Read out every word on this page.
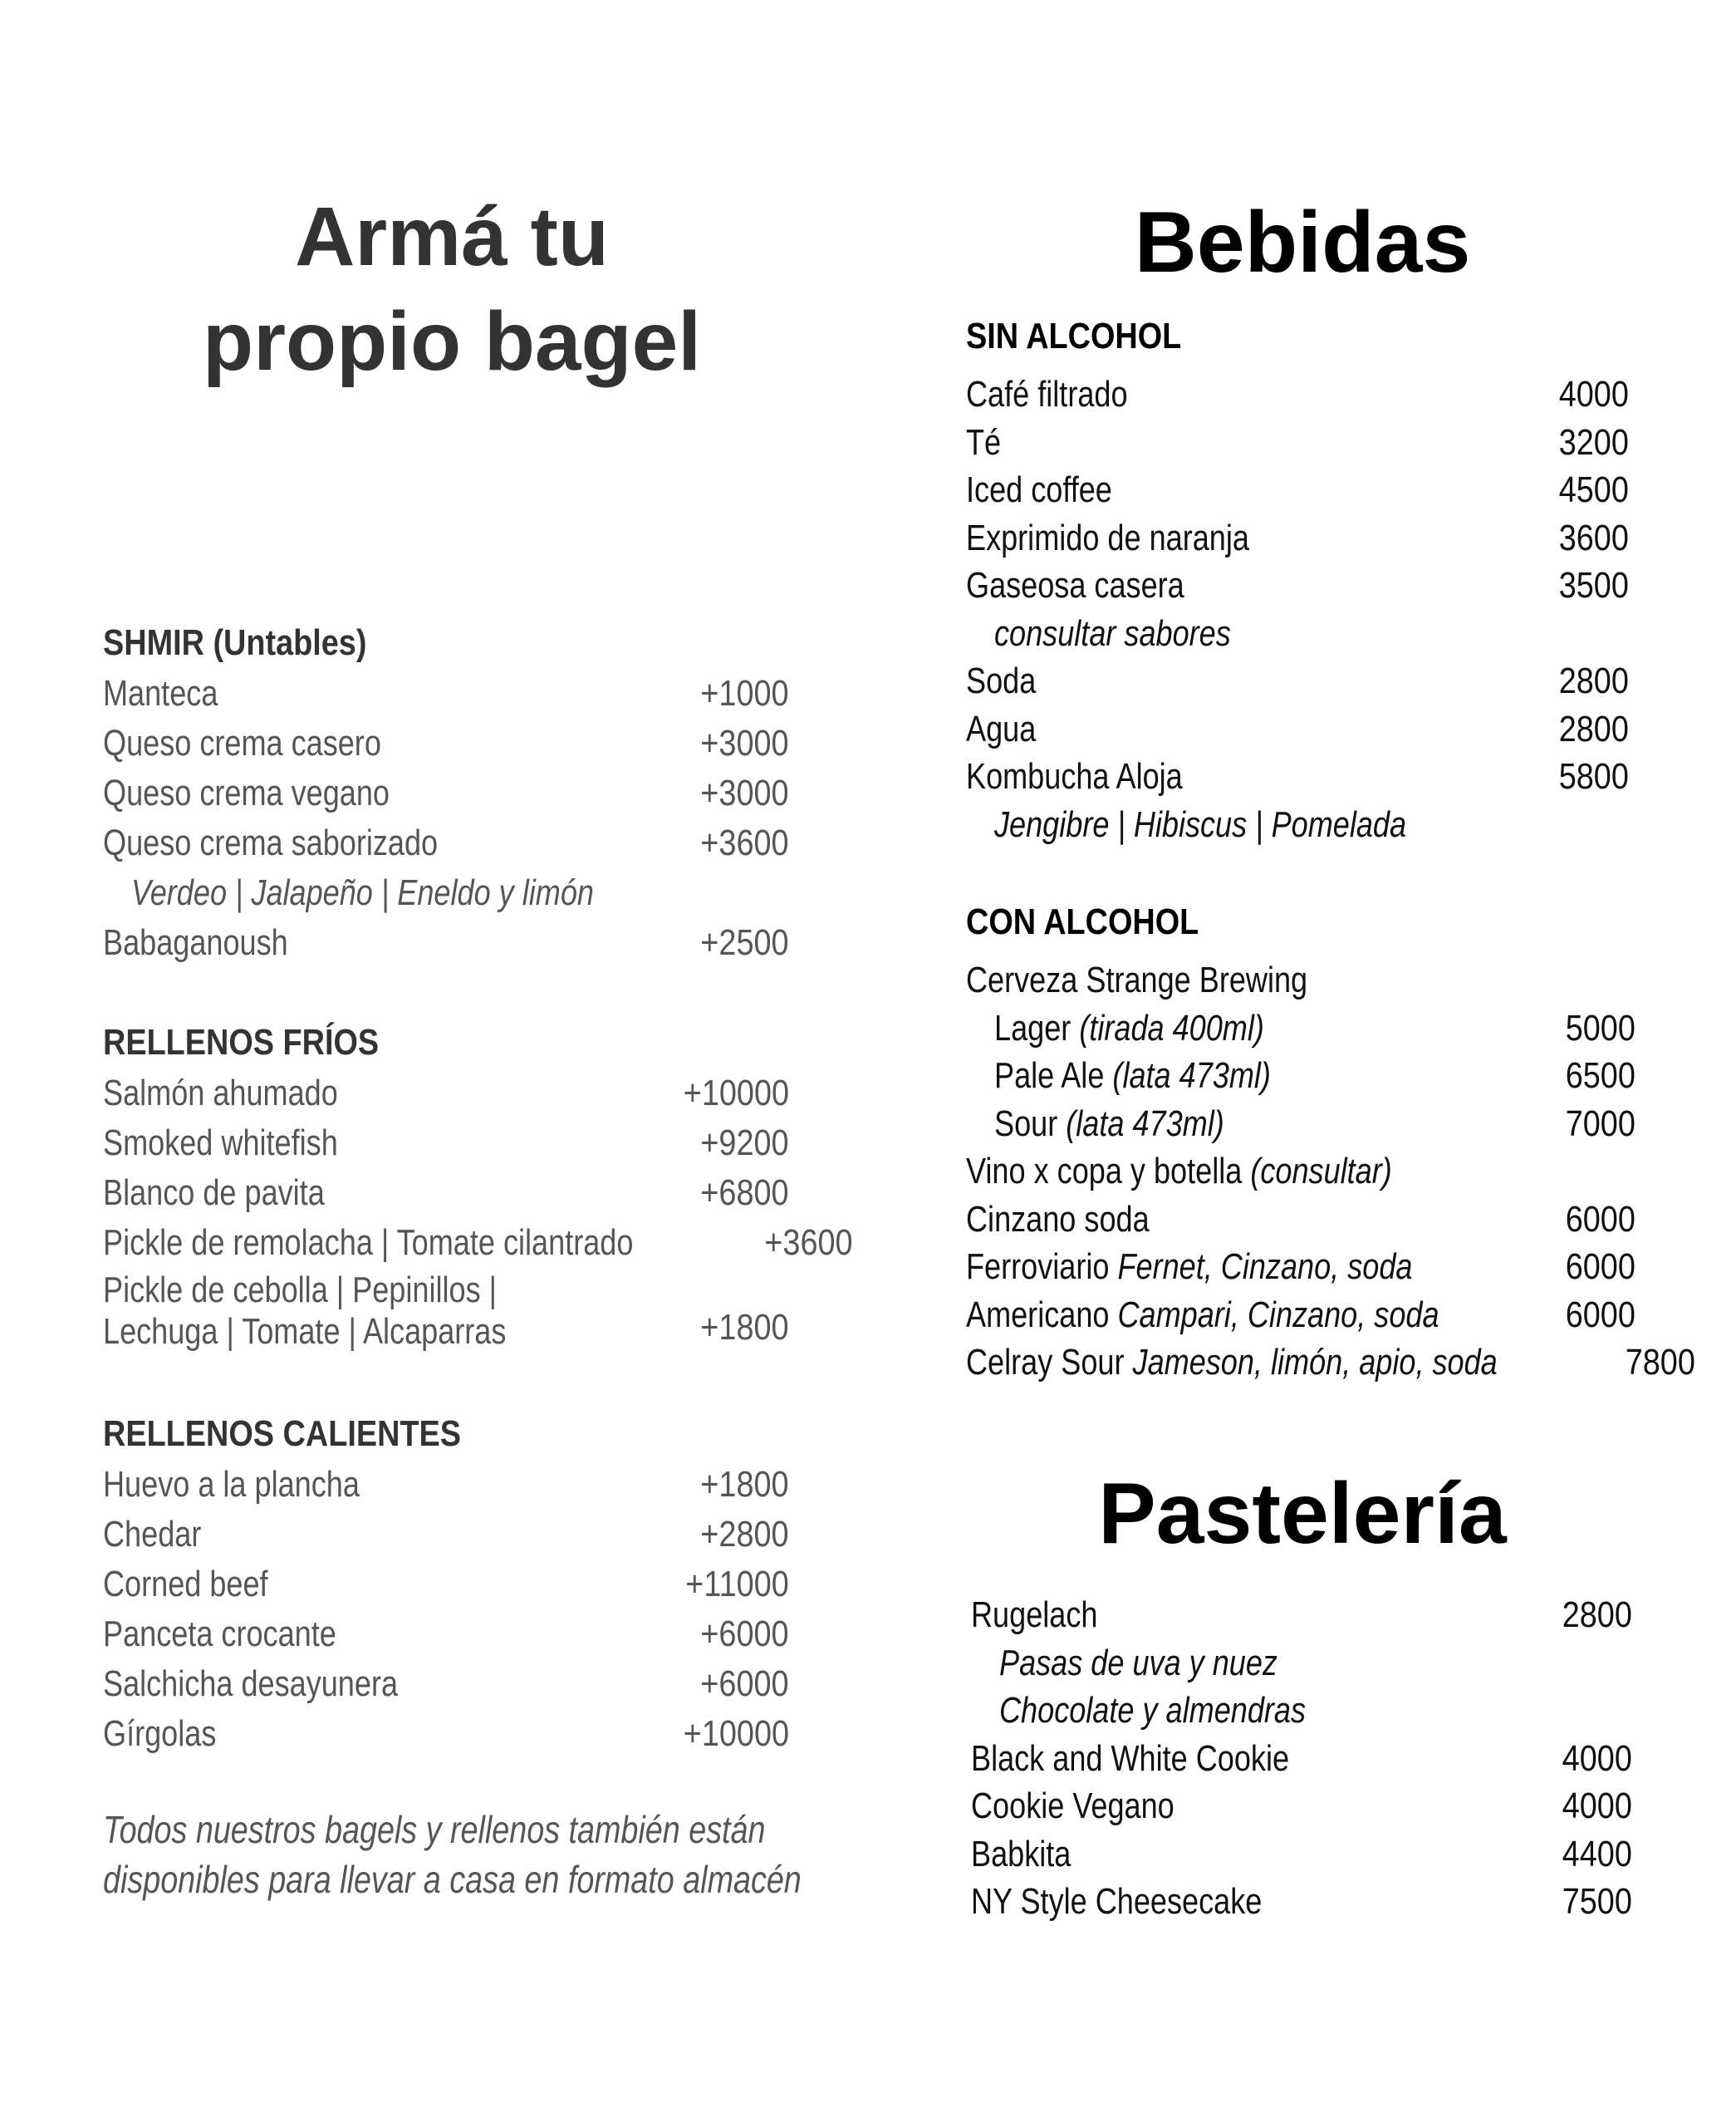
Armá tu
propio bagel
SHMIR (Untables)
Manteca	+1000
Queso crema casero	+3000
Queso crema vegano	+3000
Queso crema saborizado	+3600
Verdeo | Jalapeño | Eneldo y limón
Babaganoush	+2500
RELLENOS FRÍOS
Salmón ahumado	+10000
Smoked whitefish	+9200
Blanco de pavita	+6800
Pickle de remolacha | Tomate cilantrado	+3600
Pickle de cebolla | Pepinillos |
Lechuga | Tomate | Alcaparras	+1800
RELLENOS CALIENTES
Huevo a la plancha	+1800
Chedar	+2800
Corned beef	+11000
Panceta crocante	+6000
Salchicha desayunera	+6000
Gírgolas	+10000
Todos nuestros bagels y rellenos también están
disponibles para llevar a casa en formato almacén
Bebidas
SIN ALCOHOL
Café filtrado	4000
Té	3200
Iced coffee	4500
Exprimido de naranja	3600
Gaseosa casera	3500
consultar sabores
Soda	2800
Agua	2800
Kombucha Aloja	5800
Jengibre | Hibiscus | Pomelada
CON ALCOHOL
Cerveza Strange Brewing
Lager (tirada 400ml)	5000
Pale Ale (lata 473ml)	6500
Sour (lata 473ml)	7000
Vino x copa y botella (consultar)
Cinzano soda	6000
Ferroviario Fernet, Cinzano, soda	6000
Americano Campari, Cinzano, soda	6000
Celray Sour Jameson, limón, apio, soda	7800
Pastelería
Rugelach	2800
Pasas de uva y nuez
Chocolate y almendras
Black and White Cookie	4000
Cookie Vegano	4000
Babkita	4400
NY Style Cheesecake	7500
